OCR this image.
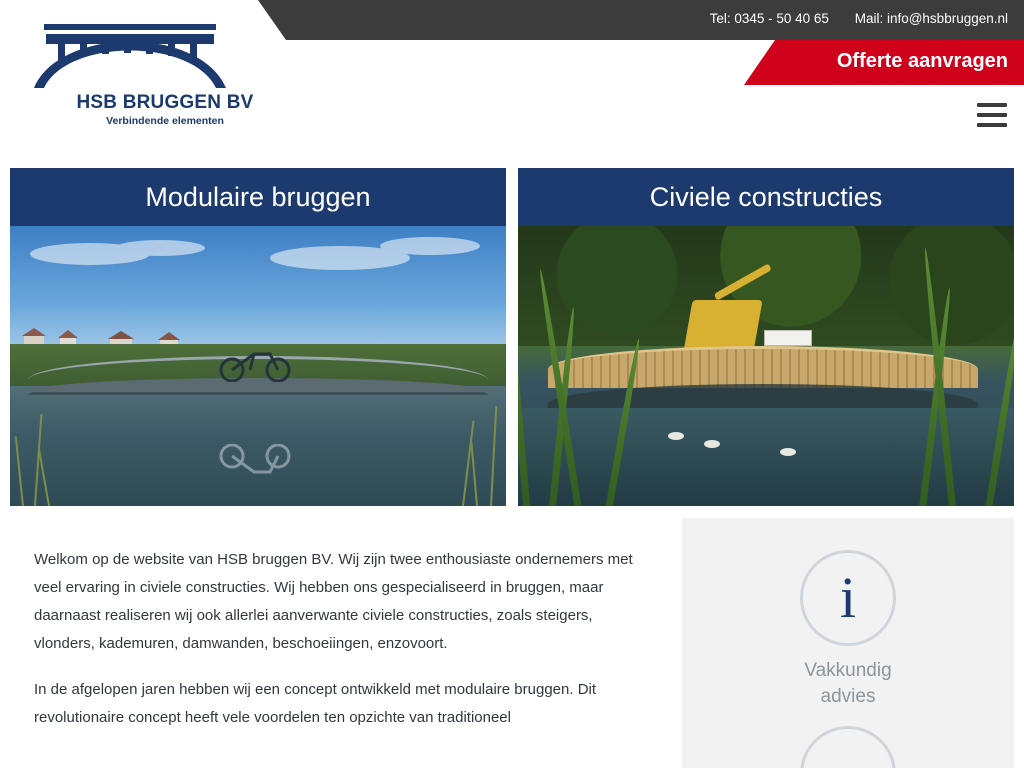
Tel: 0345 - 50 40 65 Mail: info@hsbbruggen.nl
Offerte aanvragen
HSB BRUGGEN BV
Verbindende elementen
Modulaire bruggen	Civiele constructies

Welkom op de website van HSB bruggen BV. Wij zijn twee enthousiaste ondernemers met veel ervaring in civiele constructies. Wij hebben ons gespecialiseerd in bruggen, maar daarnaast realiseren wij ook allerlei aanverwante civiele constructies, zoals steigers, vlonders, kademuren, damwanden, beschoeiingen, enzovoort.

In de afgelopen jaren hebben wij een concept ontwikkeld met modulaire bruggen. Dit revolutionaire concept heeft vele voordelen ten opzichte van traditioneel

i
Vakkundig
advies
